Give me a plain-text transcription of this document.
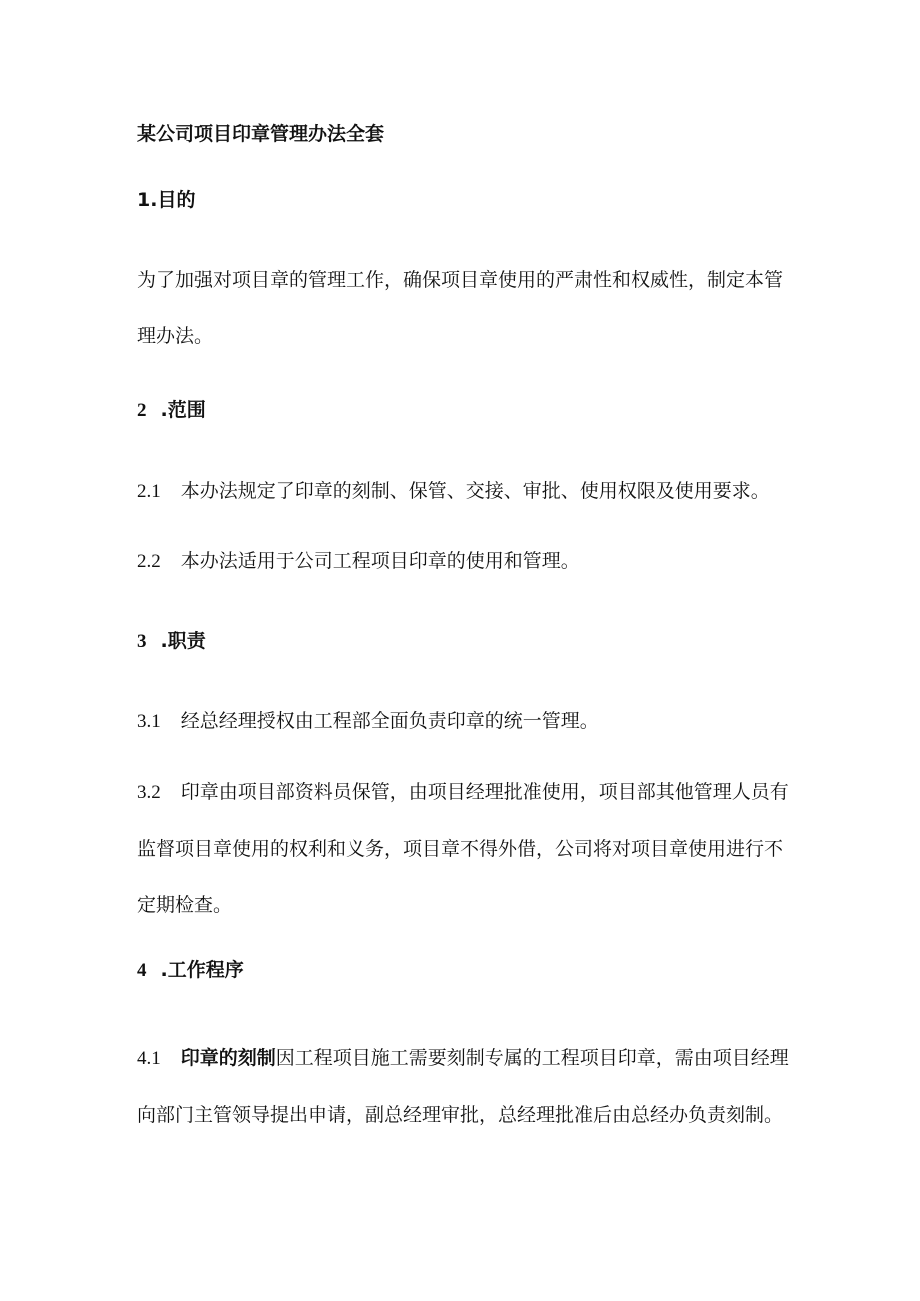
某公司项目印章管理办法全套

1.目的

为了加强对项目章的管理工作，确保项目章使用的严肃性和权威性，制定本管理办法。

2 .范围

2.1 本办法规定了印章的刻制、保管、交接、审批、使用权限及使用要求。

2.2 本办法适用于公司工程项目印章的使用和管理。

3 .职责

3.1 经总经理授权由工程部全面负责印章的统一管理。

3.2 印章由项目部资料员保管，由项目经理批准使用，项目部其他管理人员有监督项目章使用的权利和义务，项目章不得外借，公司将对项目章使用进行不定期检查。

4 .工作程序

4.1 印章的刻制因工程项目施工需要刻制专属的工程项目印章，需由项目经理向部门主管领导提出申请，副总经理审批，总经理批准后由总经办负责刻制。
